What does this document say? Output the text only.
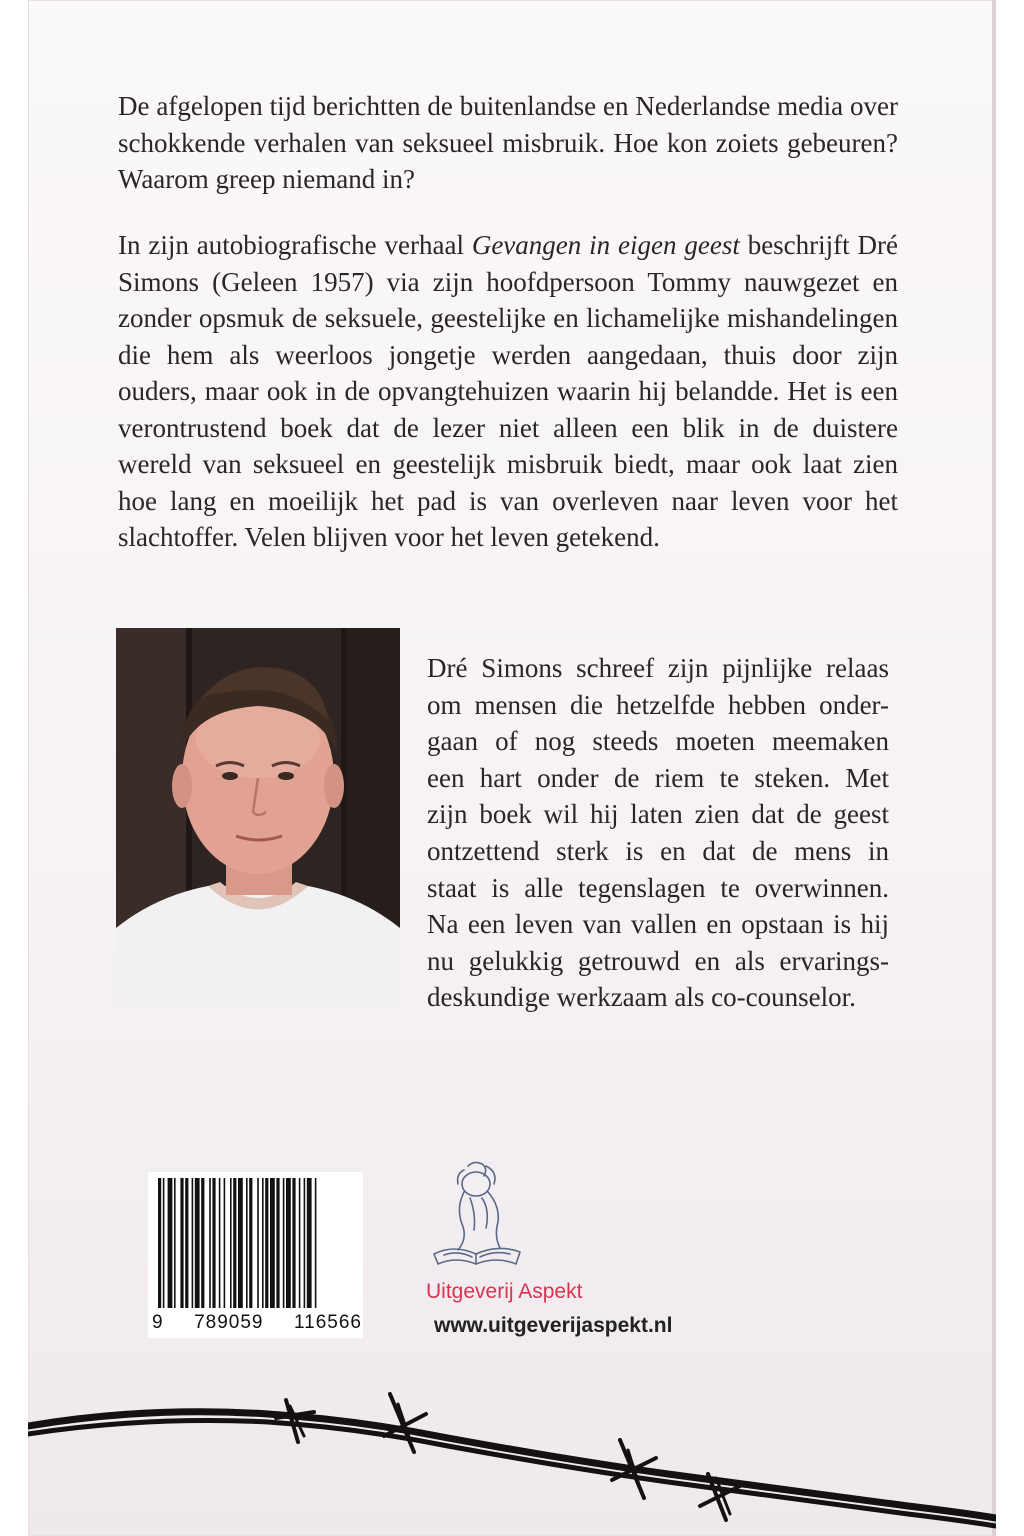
De afgelopen tijd berichtten de buitenlandse en Nederlandse media over schokkende verhalen van seksueel misbruik. Hoe kon zoiets gebeuren? Waarom greep niemand in?

In zijn autobiografische verhaal Gevangen in eigen geest beschrijft Dré Simons (Geleen 1957) via zijn hoofdpersoon Tommy nauwgezet en zonder opsmuk de seksuele, geestelijke en lichamelijke mishandelingen die hem als weerloos jongetje werden aangedaan, thuis door zijn ouders, maar ook in de opvangtehuizen waarin hij belandde. Het is een verontrustend boek dat de lezer niet alleen een blik in de duistere wereld van seksueel en geestelijk misbruik biedt, maar ook laat zien hoe lang en moeilijk het pad is van overleven naar leven voor het slachtoffer. Velen blijven voor het leven getekend.

Dré Simons schreef zijn pijnlijke relaas
om mensen die hetzelfde hebben onder-
gaan of nog steeds moeten meemaken
een hart onder de riem te steken. Met
zijn boek wil hij laten zien dat de geest
ontzettend sterk is en dat de mens in
staat is alle tegenslagen te overwinnen.
Na een leven van vallen en opstaan is hij
nu gelukkig getrouwd en als ervarings-
deskundige werkzaam als co-counselor.

9 789059 116566

Uitgeverij Aspekt

www.uitgeverijaspekt.nl
